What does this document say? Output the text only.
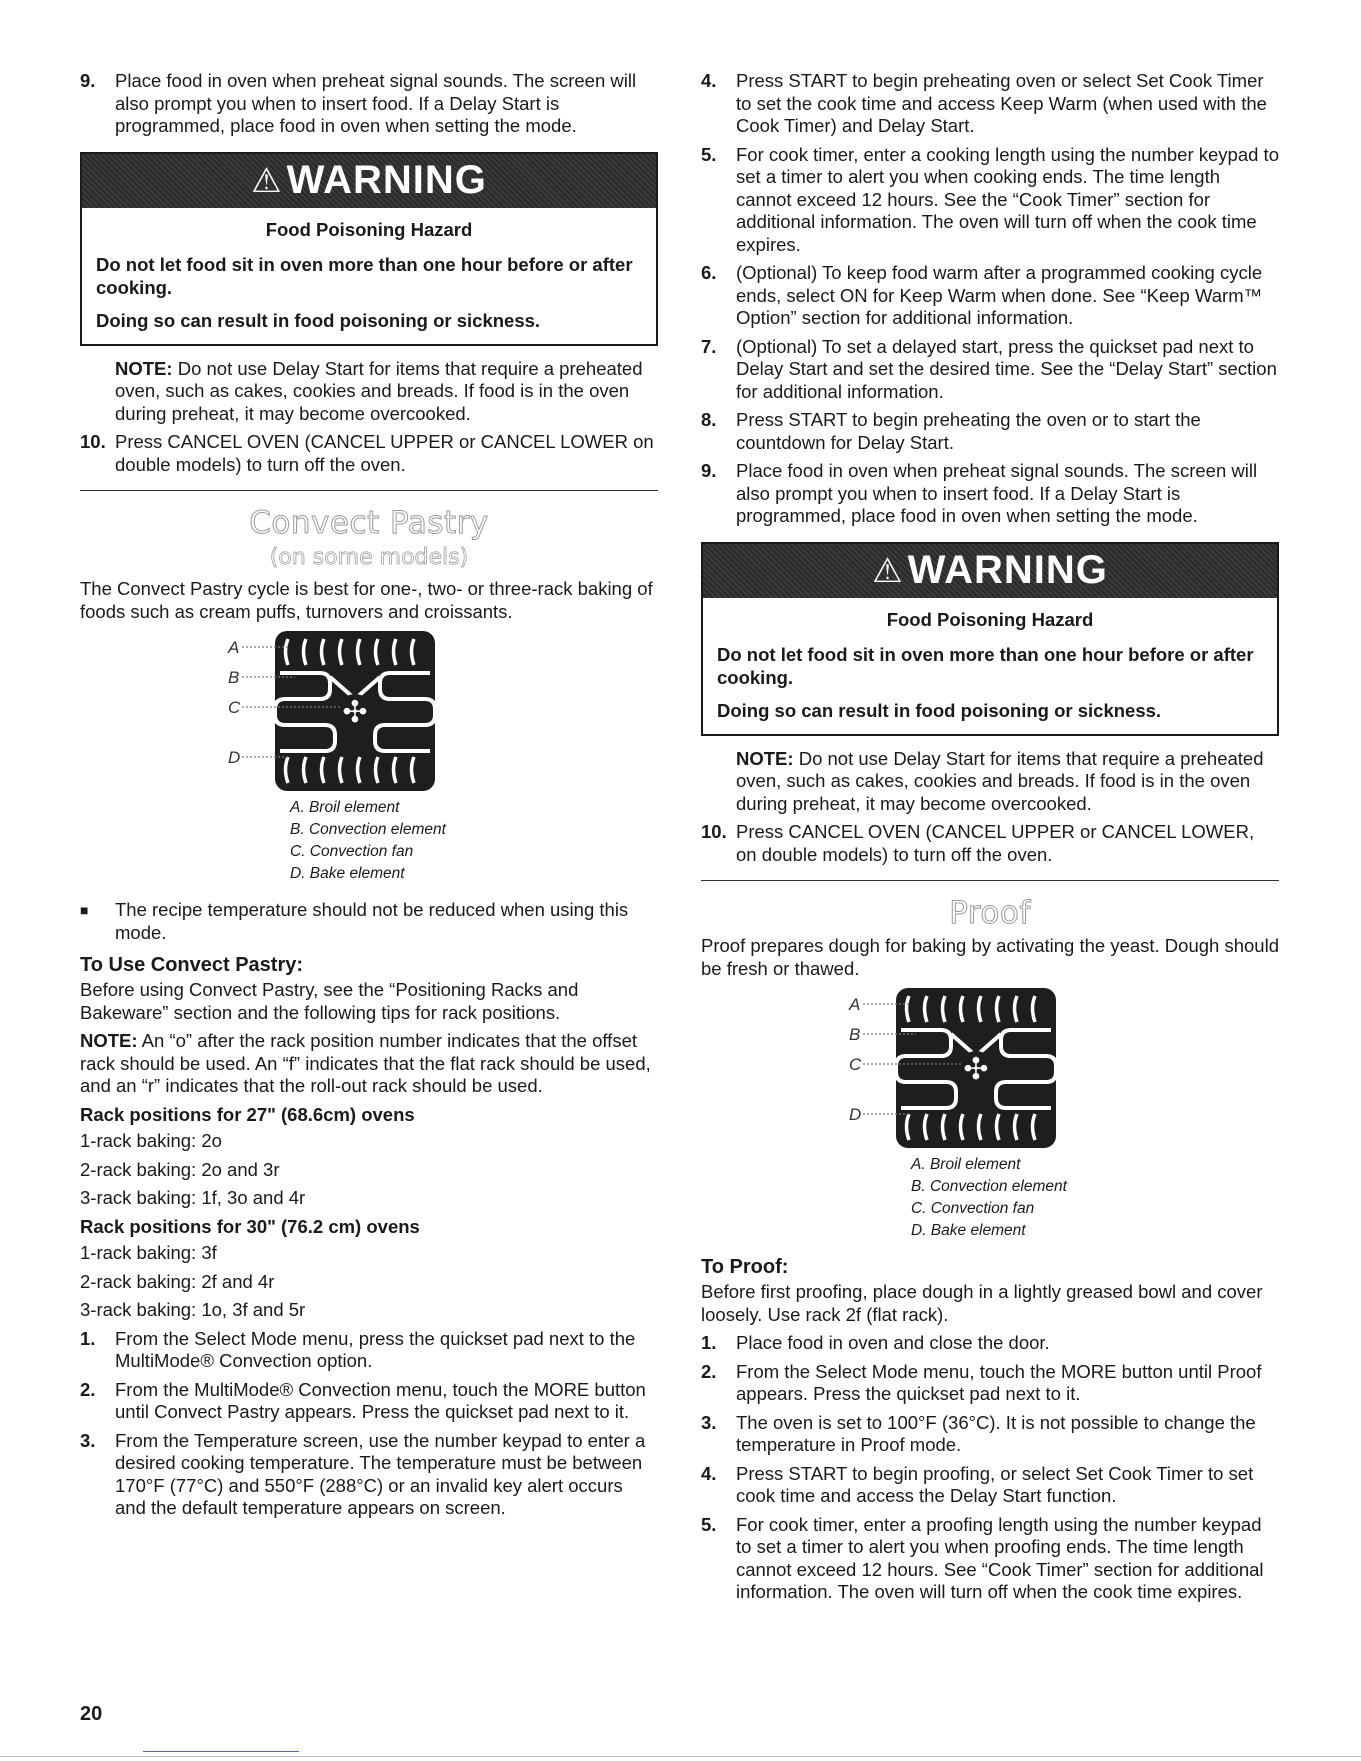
9.	Place food in oven when preheat signal sounds. The screen will also prompt you when to insert food. If a Delay Start is programmed, place food in oven when setting the mode.
⚠ WARNING
Food Poisoning Hazard
Do not let food sit in oven more than one hour before or after cooking.
Doing so can result in food poisoning or sickness.
NOTE: Do not use Delay Start for items that require a preheated oven, such as cakes, cookies and breads. If food is in the oven during preheat, it may become overcooked.
10. Press CANCEL OVEN (CANCEL UPPER or CANCEL LOWER on double models) to turn off the oven.
Convect Pastry
(on some models)
The Convect Pastry cycle is best for one-, two- or three-rack baking of foods such as cream puffs, turnovers and croissants.
✣
A
B
C
D
A. Broil element
B. Convection element
C. Convection fan
D. Bake element
■	The recipe temperature should not be reduced when using this mode.
To Use Convect Pastry:
Before using Convect Pastry, see the “Positioning Racks and Bakeware” section and the following tips for rack positions.
NOTE: An “o” after the rack position number indicates that the offset rack should be used. An “f” indicates that the flat rack should be used, and an “r” indicates that the roll-out rack should be used.
Rack positions for 27" (68.6cm) ovens
1-rack baking: 2o
2-rack baking: 2o and 3r
3-rack baking: 1f, 3o and 4r
Rack positions for 30" (76.2 cm) ovens
1-rack baking: 3f
2-rack baking: 2f and 4r
3-rack baking: 1o, 3f and 5r
1.	From the Select Mode menu, press the quickset pad next to the MultiMode® Convection option.
2.	From the MultiMode® Convection menu, touch the MORE button until Convect Pastry appears. Press the quickset pad next to it.
3.	From the Temperature screen, use the number keypad to enter a desired cooking temperature. The temperature must be between 170°F (77°C) and 550°F (288°C) or an invalid key alert occurs and the default temperature appears on screen.
4.	Press START to begin preheating oven or select Set Cook Timer to set the cook time and access Keep Warm (when used with the Cook Timer) and Delay Start.
5.	For cook timer, enter a cooking length using the number keypad to set a timer to alert you when cooking ends. The time length cannot exceed 12 hours. See the “Cook Timer” section for additional information. The oven will turn off when the cook time expires.
6.	(Optional) To keep food warm after a programmed cooking cycle ends, select ON for Keep Warm when done. See “Keep Warm™ Option” section for additional information.
7.	(Optional) To set a delayed start, press the quickset pad next to Delay Start and set the desired time. See the “Delay Start” section for additional information.
8.	Press START to begin preheating the oven or to start the countdown for Delay Start.
9.	Place food in oven when preheat signal sounds. The screen will also prompt you when to insert food. If a Delay Start is programmed, place food in oven when setting the mode.
⚠ WARNING
Food Poisoning Hazard
Do not let food sit in oven more than one hour before or after cooking.
Doing so can result in food poisoning or sickness.
NOTE: Do not use Delay Start for items that require a preheated oven, such as cakes, cookies and breads. If food is in the oven during preheat, it may become overcooked.
10. Press CANCEL OVEN (CANCEL UPPER or CANCEL LOWER, on double models) to turn off the oven.
Proof
Proof prepares dough for baking by activating the yeast. Dough should be fresh or thawed.
✣
A
B
C
D
A. Broil element
B. Convection element
C. Convection fan
D. Bake element
To Proof:
Before first proofing, place dough in a lightly greased bowl and cover loosely. Use rack 2f (flat rack).
1.	Place food in oven and close the door.
2.	From the Select Mode menu, touch the MORE button until Proof appears. Press the quickset pad next to it.
3.	The oven is set to 100°F (36°C). It is not possible to change the temperature in Proof mode.
4.	Press START to begin proofing, or select Set Cook Timer to set cook time and access the Delay Start function.
5.	For cook timer, enter a proofing length using the number keypad to set a timer to alert you when proofing ends. The time length cannot exceed 12 hours. See “Cook Timer” section for additional information. The oven will turn off when the cook time expires.
20
